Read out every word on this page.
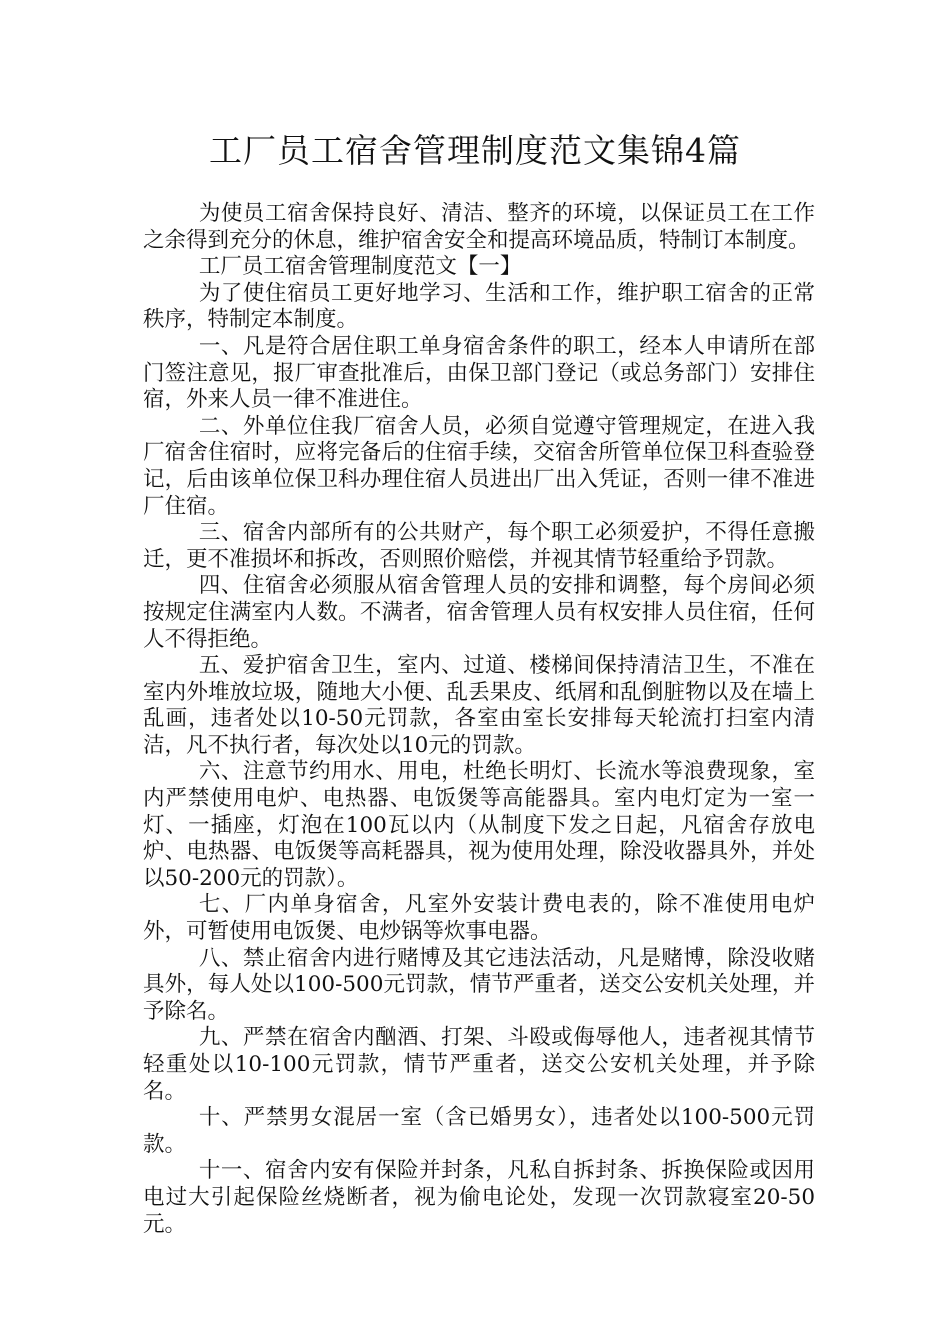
工厂员工宿舍管理制度范文集锦4篇

为使员工宿舍保持良好、清洁、整齐的环境，以保证员工在工作之余得到充分的休息，维护宿舍安全和提高环境品质，特制订本制度。

工厂员工宿舍管理制度范文【一】

为了使住宿员工更好地学习、生活和工作，维护职工宿舍的正常秩序，特制定本制度。

一、凡是符合居住职工单身宿舍条件的职工，经本人申请所在部门签注意见，报厂审查批准后，由保卫部门登记（或总务部门）安排住宿，外来人员一律不准进住。

二、外单位住我厂宿舍人员，必须自觉遵守管理规定，在进入我厂宿舍住宿时，应将完备后的住宿手续，交宿舍所管单位保卫科查验登记，后由该单位保卫科办理住宿人员进出厂出入凭证，否则一律不准进厂住宿。

三、宿舍内部所有的公共财产，每个职工必须爱护，不得任意搬迁，更不准损坏和拆改，否则照价赔偿，并视其情节轻重给予罚款。

四、住宿舍必须服从宿舍管理人员的安排和调整，每个房间必须按规定住满室内人数。不满者，宿舍管理人员有权安排人员住宿，任何人不得拒绝。

五、爱护宿舍卫生，室内、过道、楼梯间保持清洁卫生，不准在室内外堆放垃圾，随地大小便、乱丢果皮、纸屑和乱倒脏物以及在墙上乱画，违者处以10-50元罚款，各室由室长安排每天轮流打扫室内清洁，凡不执行者，每次处以10元的罚款。

六、注意节约用水、用电，杜绝长明灯、长流水等浪费现象，室内严禁使用电炉、电热器、电饭煲等高能器具。室内电灯定为一室一灯、一插座，灯泡在100瓦以内（从制度下发之日起，凡宿舍存放电炉、电热器、电饭煲等高耗器具，视为使用处理，除没收器具外，并处以50-200元的罚款）。

七、厂内单身宿舍，凡室外安装计费电表的，除不准使用电炉外，可暂使用电饭煲、电炒锅等炊事电器。

八、禁止宿舍内进行赌博及其它违法活动，凡是赌博，除没收赌具外，每人处以100-500元罚款，情节严重者，送交公安机关处理，并予除名。

九、严禁在宿舍内酗酒、打架、斗殴或侮辱他人，违者视其情节轻重处以10-100元罚款，情节严重者，送交公安机关处理，并予除名。

十、严禁男女混居一室（含已婚男女），违者处以100-500元罚款。

十一、宿舍内安有保险并封条，凡私自拆封条、拆换保险或因用电过大引起保险丝烧断者，视为偷电论处，发现一次罚款寝室20-50元。
